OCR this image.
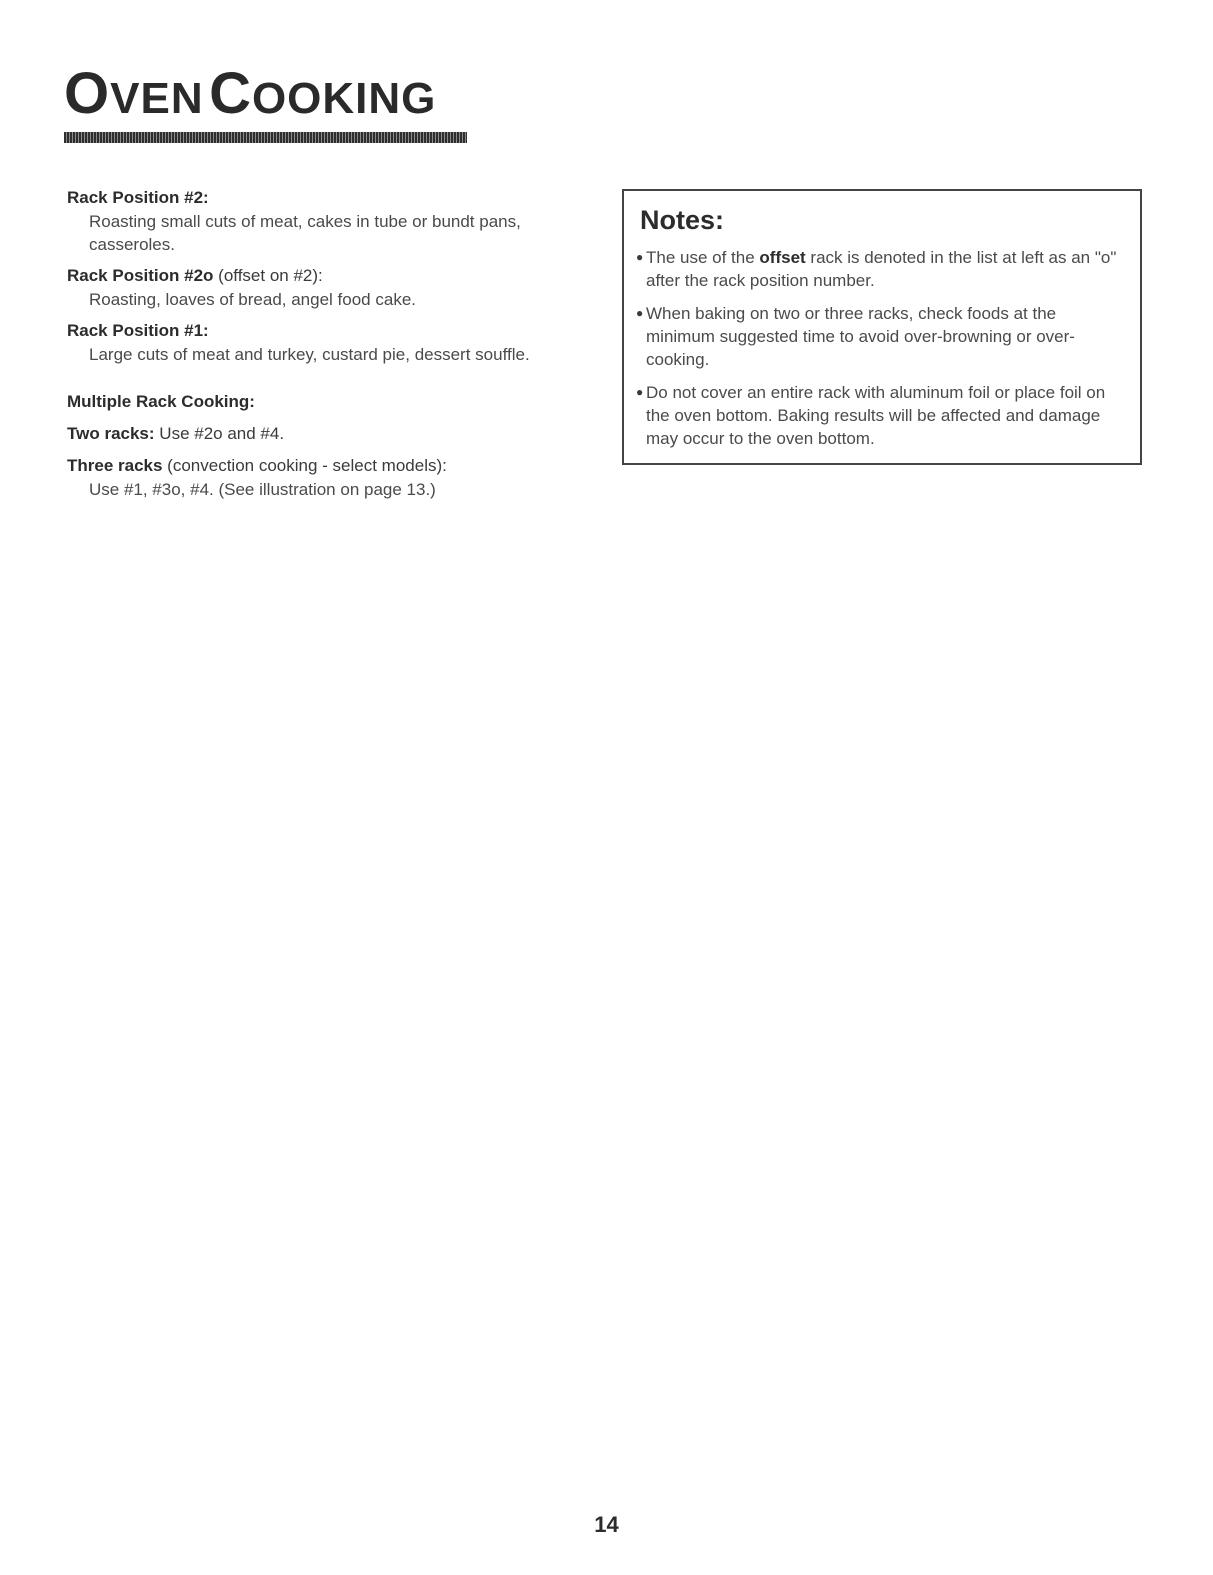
OVEN COOKING
Rack Position #2:
Roasting small cuts of meat, cakes in tube or bundt pans, casseroles.
Rack Position #2o (offset on #2):
Roasting, loaves of bread, angel food cake.
Rack Position #1:
Large cuts of meat and turkey, custard pie, dessert souffle.
Multiple Rack Cooking:
Two racks: Use #2o and #4.
Three racks (convection cooking - select models):
Use #1, #3o, #4. (See illustration on page 13.)
Notes:
● The use of the offset rack is denoted in the list at left as an "o" after the rack position number.
● When baking on two or three racks, check foods at the minimum suggested time to avoid over-browning or over-cooking.
● Do not cover an entire rack with aluminum foil or place foil on the oven bottom. Baking results will be affected and damage may occur to the oven bottom.
14
